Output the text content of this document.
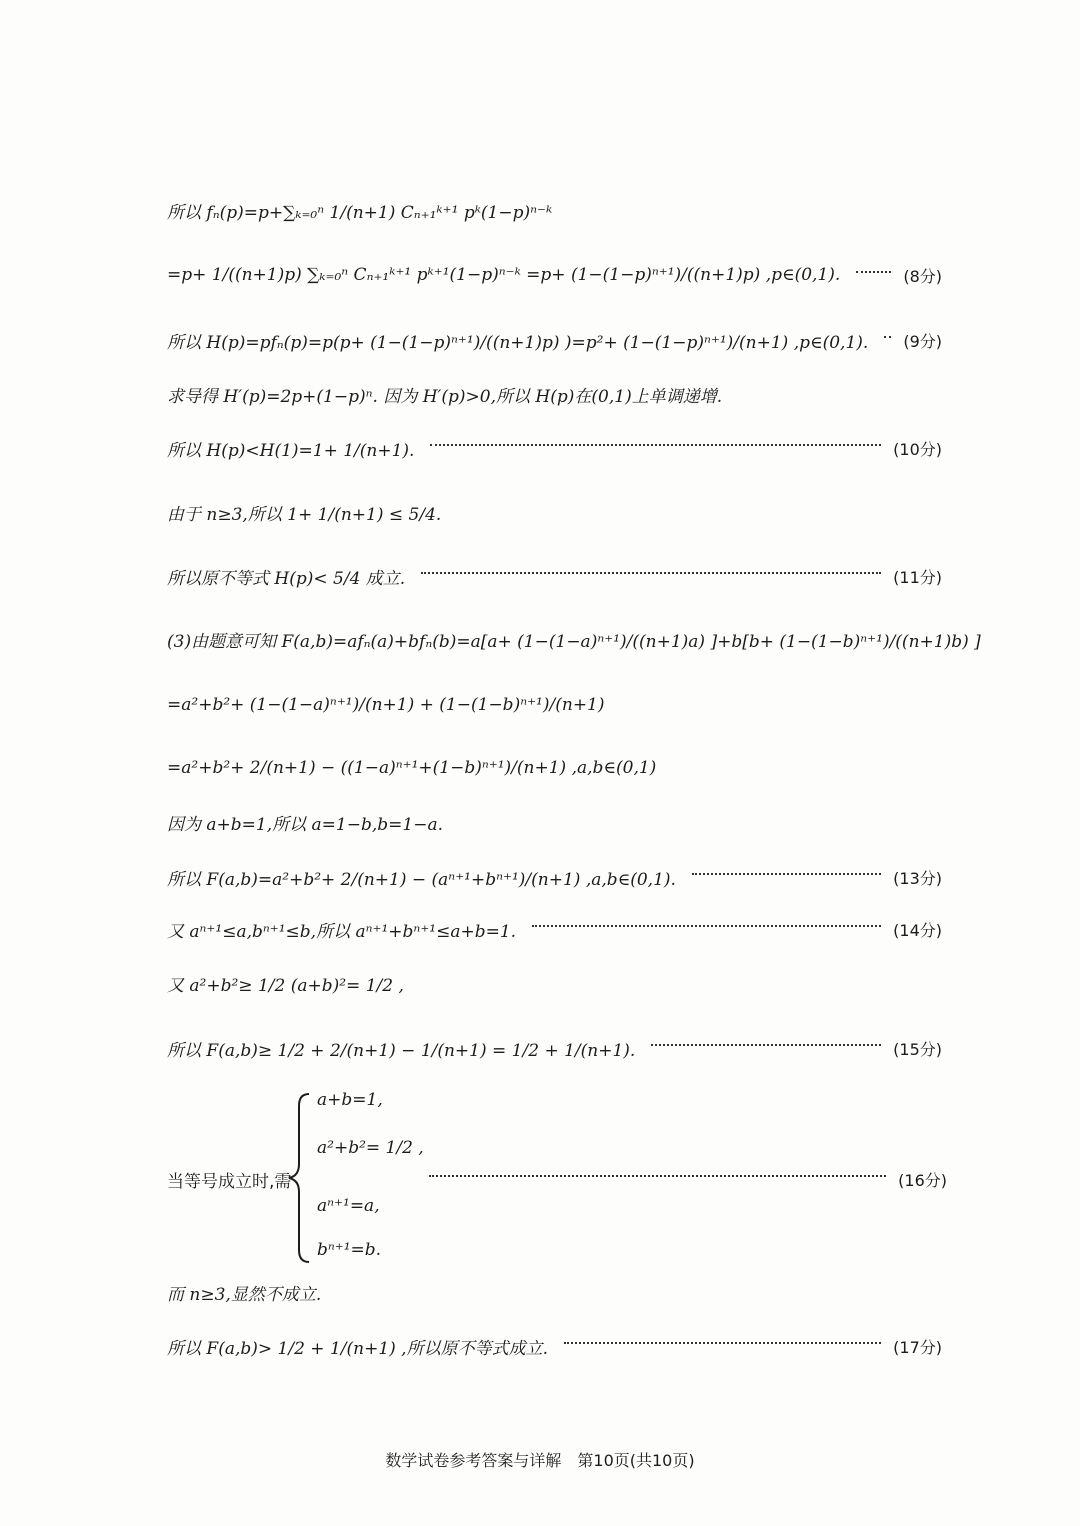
所以 fₙ(p)=p+∑ₖ₌₀ⁿ 1/(n+1) Cₙ₊₁ᵏ⁺¹ pᵏ(1−p)ⁿ⁻ᵏ
=p+ 1/((n+1)p) ∑ₖ₌₀ⁿ Cₙ₊₁ᵏ⁺¹ pᵏ⁺¹(1−p)ⁿ⁻ᵏ =p+ (1−(1−p)ⁿ⁺¹)/((n+1)p) ,p∈(0,1).	(8分)
所以 H(p)=pfₙ(p)=p(p+ (1−(1−p)ⁿ⁺¹)/((n+1)p) )=p²+ (1−(1−p)ⁿ⁺¹)/(n+1) ,p∈(0,1). (9分)
求导得 H′(p)=2p+(1−p)ⁿ. 因为 H′(p)>0,所以 H(p)在(0,1)上单调递增.
所以 H(p)<H(1)=1+ 1/(n+1).	(10分)
由于 n≥3,所以 1+ 1/(n+1) ≤ 5/4.
所以原不等式 H(p)< 5/4 成立.	(11分)
(3)由题意可知 F(a,b)=afₙ(a)+bfₙ(b)=a[a+ (1−(1−a)ⁿ⁺¹)/((n+1)a) ]+b[b+ (1−(1−b)ⁿ⁺¹)/((n+1)b) ]
=a²+b²+ (1−(1−a)ⁿ⁺¹)/(n+1) + (1−(1−b)ⁿ⁺¹)/(n+1)
=a²+b²+ 2/(n+1) − ((1−a)ⁿ⁺¹+(1−b)ⁿ⁺¹)/(n+1) ,a,b∈(0,1)
因为 a+b=1,所以 a=1−b,b=1−a.
所以 F(a,b)=a²+b²+ 2/(n+1) − (aⁿ⁺¹+bⁿ⁺¹)/(n+1) ,a,b∈(0,1).	(13分)
又 aⁿ⁺¹≤a,bⁿ⁺¹≤b,所以 aⁿ⁺¹+bⁿ⁺¹≤a+b=1.	(14分)
又 a²+b²≥ 1/2 (a+b)²= 1/2 ,
所以 F(a,b)≥ 1/2 + 2/(n+1) − 1/(n+1) = 1/2 + 1/(n+1).	(15分)
当等号成立时,需
a+b=1,
a²+b²= 1/2 ,
aⁿ⁺¹=a,
bⁿ⁺¹=b.
(16分)
而 n≥3,显然不成立.
所以 F(a,b)> 1/2 + 1/(n+1) ,所以原不等式成立.	(17分)
数学试卷参考答案与详解　第10页(共10页)
